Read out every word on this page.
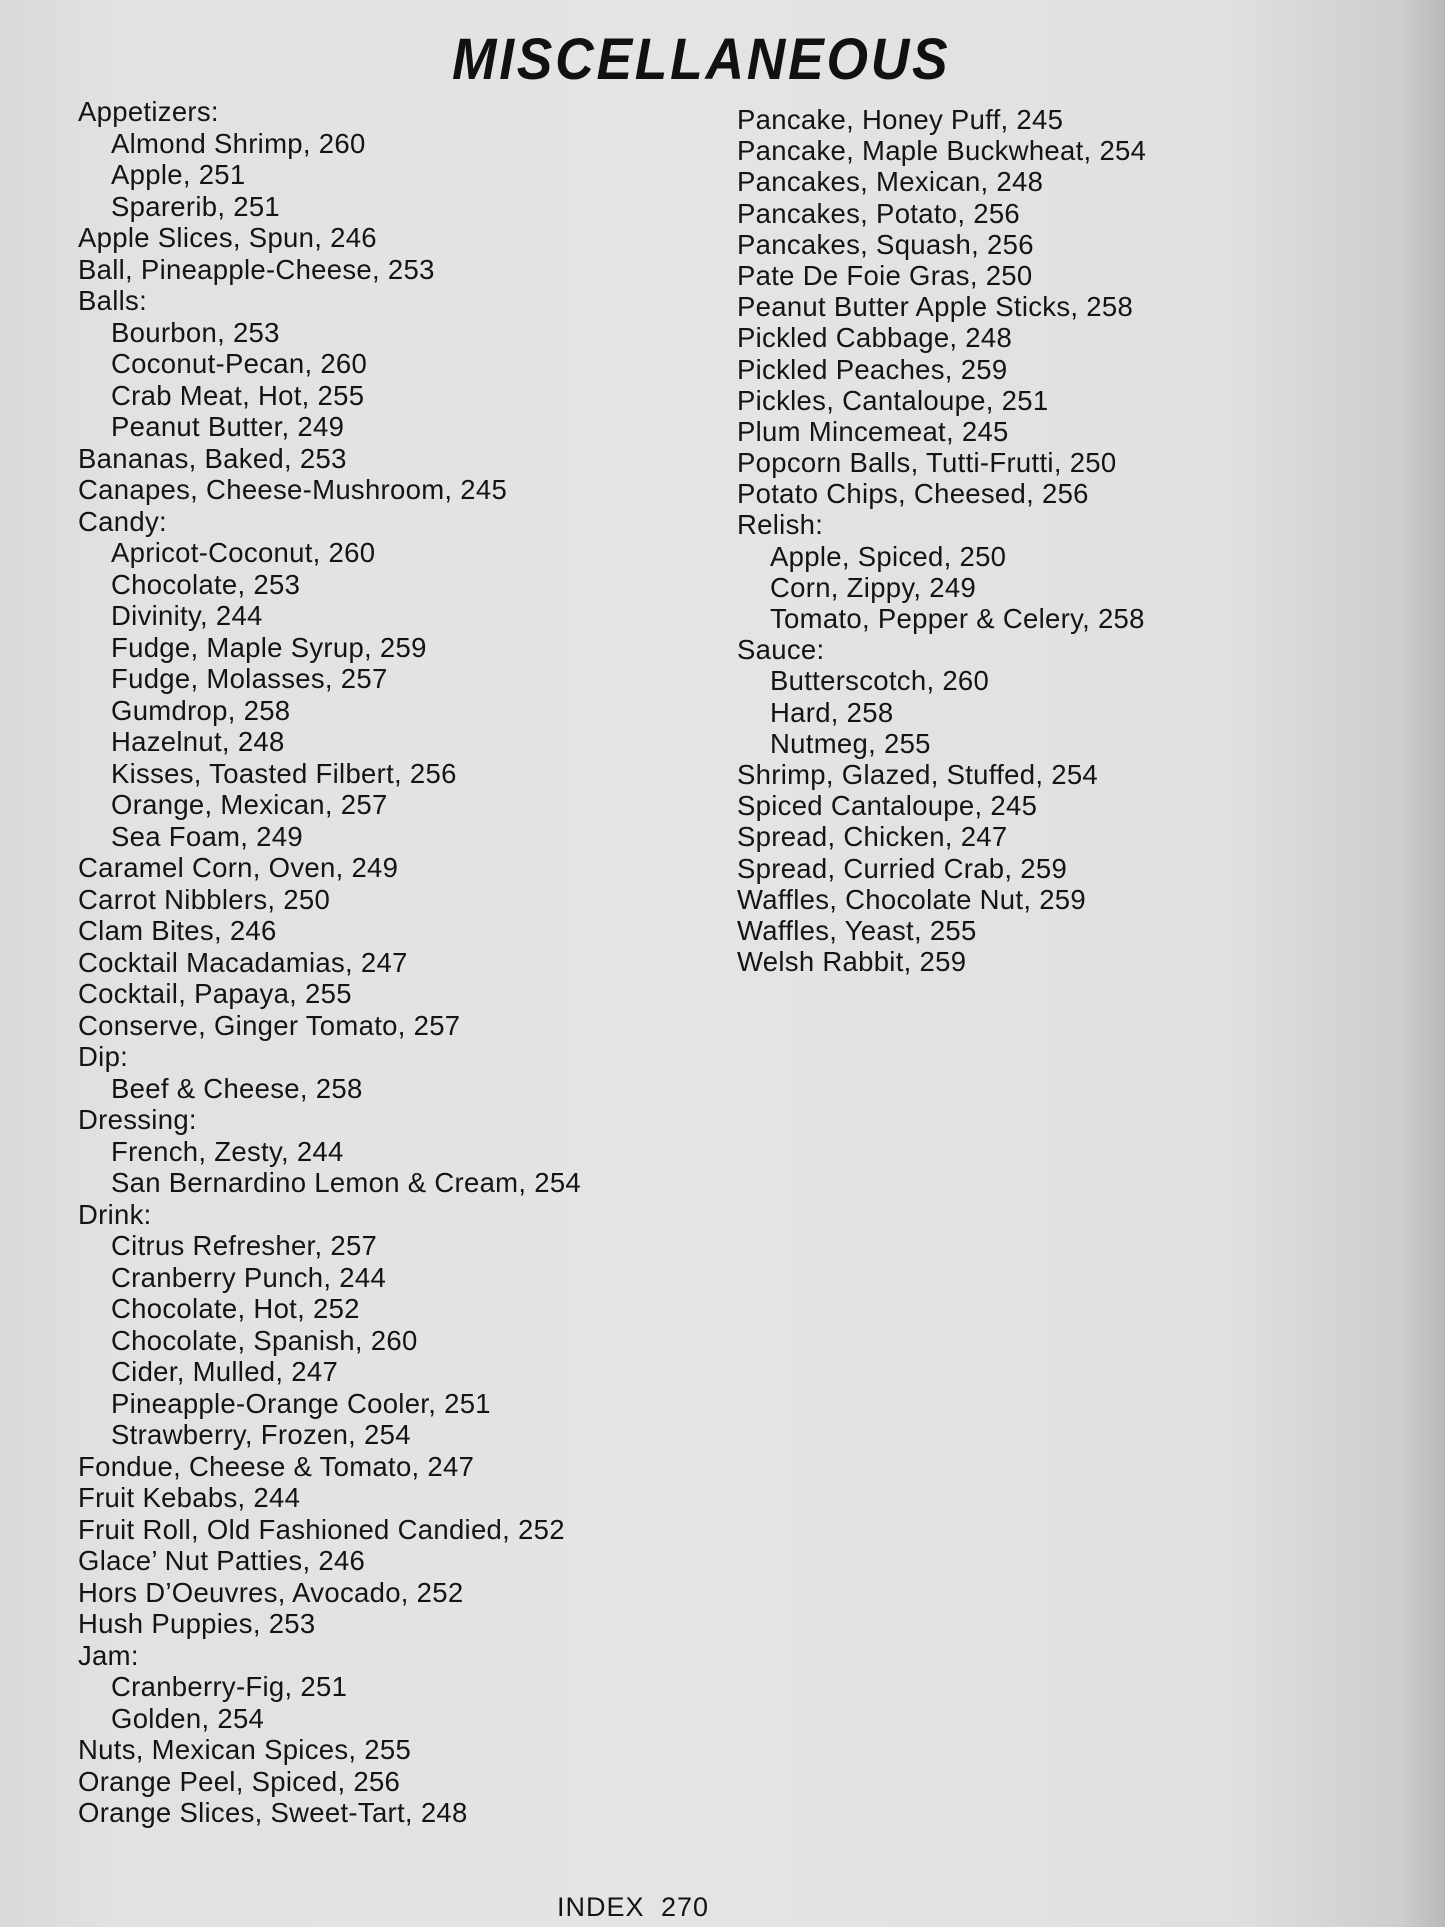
MISCELLANEOUS
Appetizers:
Almond Shrimp, 260
Apple, 251
Sparerib, 251
Apple Slices, Spun, 246
Ball, Pineapple-Cheese, 253
Balls:
Bourbon, 253
Coconut-Pecan, 260
Crab Meat, Hot, 255
Peanut Butter, 249
Bananas, Baked, 253
Canapes, Cheese-Mushroom, 245
Candy:
Apricot-Coconut, 260
Chocolate, 253
Divinity, 244
Fudge, Maple Syrup, 259
Fudge, Molasses, 257
Gumdrop, 258
Hazelnut, 248
Kisses, Toasted Filbert, 256
Orange, Mexican, 257
Sea Foam, 249
Caramel Corn, Oven, 249
Carrot Nibblers, 250
Clam Bites, 246
Cocktail Macadamias, 247
Cocktail, Papaya, 255
Conserve, Ginger Tomato, 257
Dip:
Beef & Cheese, 258
Dressing:
French, Zesty, 244
San Bernardino Lemon & Cream, 254
Drink:
Citrus Refresher, 257
Cranberry Punch, 244
Chocolate, Hot, 252
Chocolate, Spanish, 260
Cider, Mulled, 247
Pineapple-Orange Cooler, 251
Strawberry, Frozen, 254
Fondue, Cheese & Tomato, 247
Fruit Kebabs, 244
Fruit Roll, Old Fashioned Candied, 252
Glace’ Nut Patties, 246
Hors D’Oeuvres, Avocado, 252
Hush Puppies, 253
Jam:
Cranberry-Fig, 251
Golden, 254
Nuts, Mexican Spices, 255
Orange Peel, Spiced, 256
Orange Slices, Sweet-Tart, 248
Pancake, Honey Puff, 245
Pancake, Maple Buckwheat, 254
Pancakes, Mexican, 248
Pancakes, Potato, 256
Pancakes, Squash, 256
Pate De Foie Gras, 250
Peanut Butter Apple Sticks, 258
Pickled Cabbage, 248
Pickled Peaches, 259
Pickles, Cantaloupe, 251
Plum Mincemeat, 245
Popcorn Balls, Tutti-Frutti, 250
Potato Chips, Cheesed, 256
Relish:
Apple, Spiced, 250
Corn, Zippy, 249
Tomato, Pepper & Celery, 258
Sauce:
Butterscotch, 260
Hard, 258
Nutmeg, 255
Shrimp, Glazed, Stuffed, 254
Spiced Cantaloupe, 245
Spread, Chicken, 247
Spread, Curried Crab, 259
Waffles, Chocolate Nut, 259
Waffles, Yeast, 255
Welsh Rabbit, 259
INDEX 270
